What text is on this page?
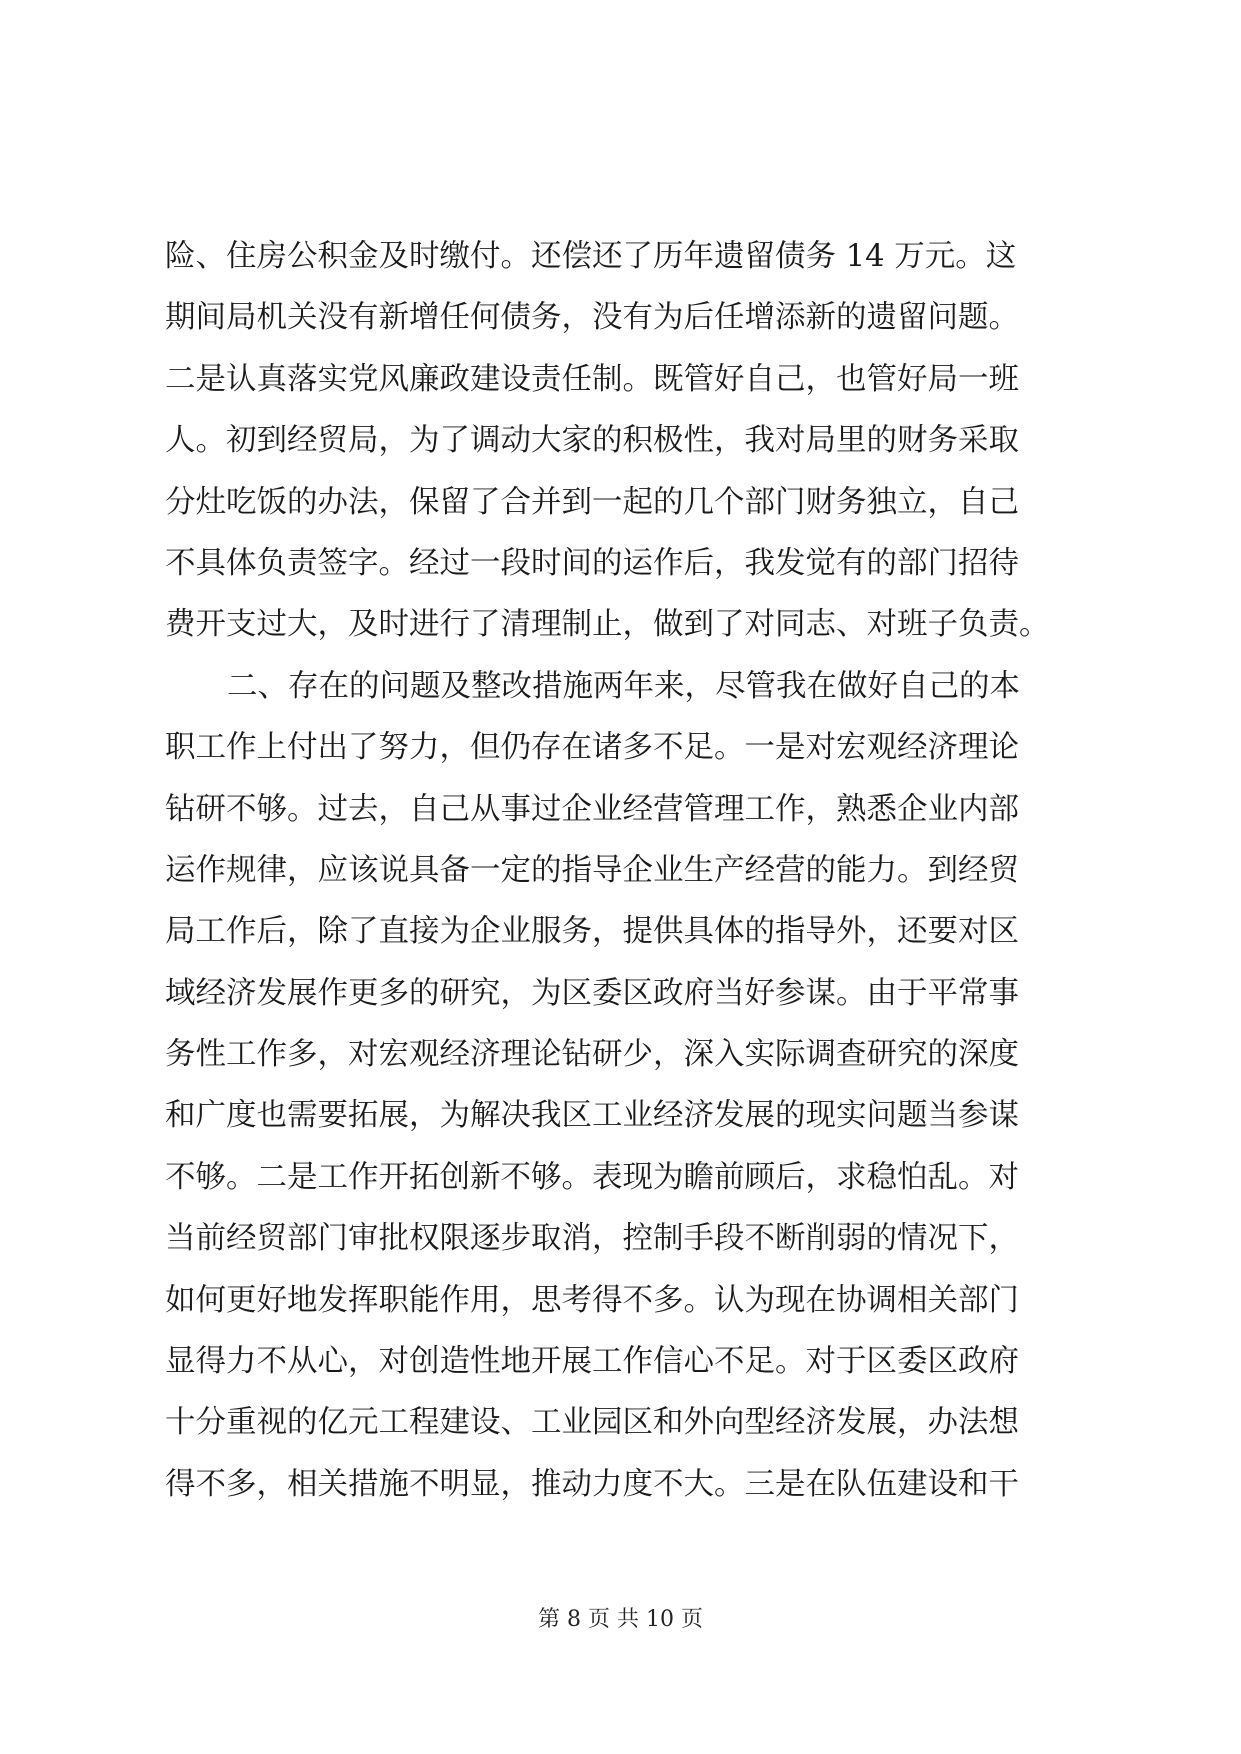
险、住房公积金及时缴付。还偿还了历年遗留债务 14 万元。这
期间局机关没有新增任何债务，没有为后任增添新的遗留问题。
二是认真落实党风廉政建设责任制。既管好自己，也管好局一班
人。初到经贸局，为了调动大家的积极性，我对局里的财务采取
分灶吃饭的办法，保留了合并到一起的几个部门财务独立，自己
不具体负责签字。经过一段时间的运作后，我发觉有的部门招待
费开支过大，及时进行了清理制止，做到了对同志、对班子负责。
二、存在的问题及整改措施两年来，尽管我在做好自己的本
职工作上付出了努力，但仍存在诸多不足。一是对宏观经济理论
钻研不够。过去，自己从事过企业经营管理工作，熟悉企业内部
运作规律，应该说具备一定的指导企业生产经营的能力。到经贸
局工作后，除了直接为企业服务，提供具体的指导外，还要对区
域经济发展作更多的研究，为区委区政府当好参谋。由于平常事
务性工作多，对宏观经济理论钻研少，深入实际调查研究的深度
和广度也需要拓展，为解决我区工业经济发展的现实问题当参谋
不够。二是工作开拓创新不够。表现为瞻前顾后，求稳怕乱。对
当前经贸部门审批权限逐步取消，控制手段不断削弱的情况下，
如何更好地发挥职能作用，思考得不多。认为现在协调相关部门
显得力不从心，对创造性地开展工作信心不足。对于区委区政府
十分重视的亿元工程建设、工业园区和外向型经济发展，办法想
得不多，相关措施不明显，推动力度不大。三是在队伍建设和干
第 8 页 共 10 页
